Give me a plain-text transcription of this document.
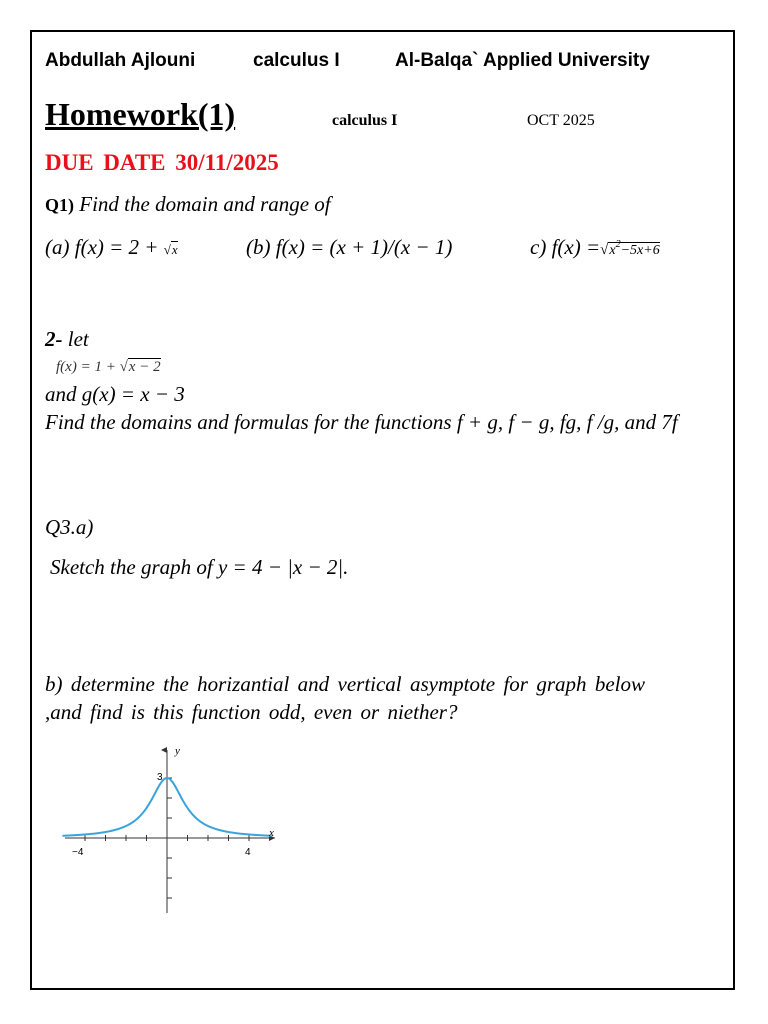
Abdullah Ajlouni	calculus I	Al-Balqa` Applied University
Homework(1)	calculus I	OCT 2025
DUE DATE 30/11/2025
Q1) Find the domain and range of
(a) f(x) = 2 + √x	(b) f(x) = (x + 1)/(x − 1)	c) $f(x) =√x^2-5x+6$
2- let
f(x) = 1 + √x − 2
and g(x) = x − 3
Find the domains and formulas for the functions f + g, f − g, fg, f /g, and 7f
Q3.a)
Sketch the graph of y = 4 − |x − 2|.
b) determine the horizantial and vertical asymptote for graph below ,and find is this function odd, even or niether?
y
x
3
−4	4
